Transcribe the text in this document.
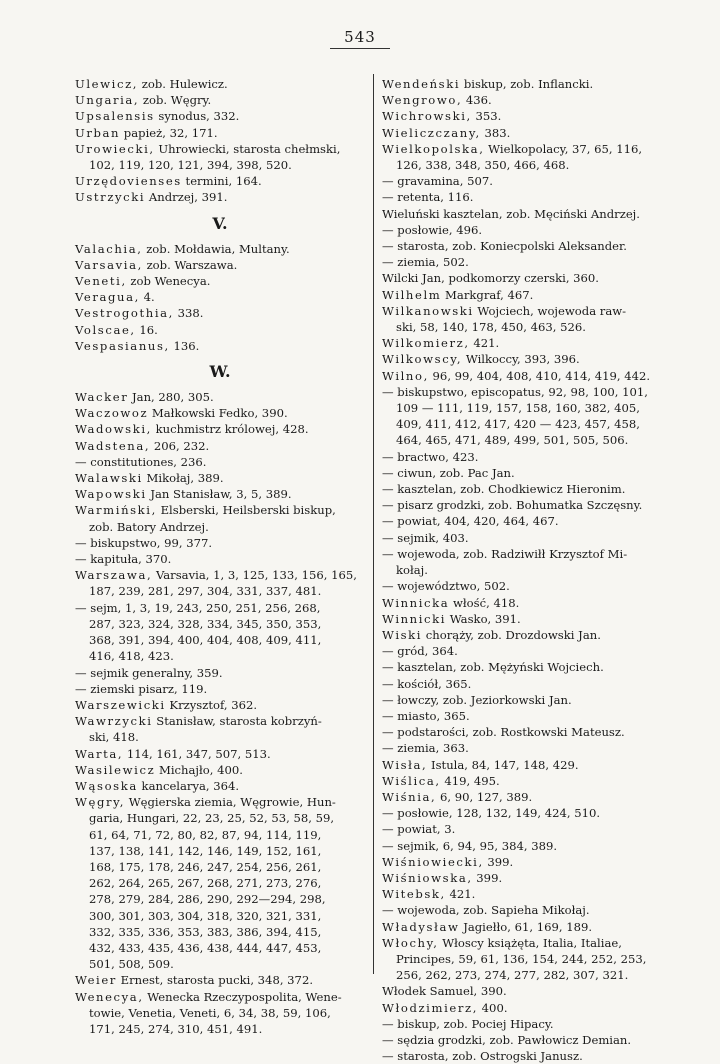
543
Ulewicz, zob. Hulewicz.
Ungaria, zob. Węgry.
Upsalensis synodus, 332.
Urban papież, 32, 171.
Urowiecki, Uhrowiecki, starosta chełmski,
102, 119, 120, 121, 394, 398, 520.
Urzędovienses termini, 164.
Ustrzycki Andrzej, 391.
V.
Valachia, zob. Mołdawia, Multany.
Varsavia, zob. Warszawa.
Veneti, zob Wenecya.
Veragua, 4.
Vestrogothia, 338.
Volscae, 16.
Vespasianus, 136.
W.
Wacker Jan, 280, 305.
Waczowoz Małkowski Fedko, 390.
Wadowski, kuchmistrz królowej, 428.
Wadstena, 206, 232.
— constitutiones, 236.
Walawski Mikołaj, 389.
Wapowski Jan Stanisław, 3, 5, 389.
Warmiński, Elsberski, Heilsberski biskup,
zob. Batory Andrzej.
— biskupstwo, 99, 377.
— kapituła, 370.
Warszawa, Varsavia, 1, 3, 125, 133, 156, 165,
187, 239, 281, 297, 304, 331, 337, 481.
— sejm, 1, 3, 19, 243, 250, 251, 256, 268,
287, 323, 324, 328, 334, 345, 350, 353,
368, 391, 394, 400, 404, 408, 409, 411,
416, 418, 423.
— sejmik generalny, 359.
— ziemski pisarz, 119.
Warszewicki Krzysztof, 362.
Wawrzycki Stanisław, starosta kobrzyń-
ski, 418.
Warta, 114, 161, 347, 507, 513.
Wasilewicz Michajło, 400.
Wąsoska kancelarya, 364.
Węgry, Węgierska ziemia, Węgrowie, Hun-
garia, Hungari, 22, 23, 25, 52, 53, 58, 59,
61, 64, 71, 72, 80, 82, 87, 94, 114, 119,
137, 138, 141, 142, 146, 149, 152, 161,
168, 175, 178, 246, 247, 254, 256, 261,
262, 264, 265, 267, 268, 271, 273, 276,
278, 279, 284, 286, 290, 292—294, 298,
300, 301, 303, 304, 318, 320, 321, 331,
332, 335, 336, 353, 383, 386, 394, 415,
432, 433, 435, 436, 438, 444, 447, 453,
501, 508, 509.
Weier Ernest, starosta pucki, 348, 372.
Wenecya, Wenecka Rzeczypospolita, Wene-
towie, Venetia, Veneti, 6, 34, 38, 59, 106,
171, 245, 274, 310, 451, 491.
Wendeński biskup, zob. Inflancki.
Wengrowo, 436.
Wichrowski, 353.
Wieliczczany, 383.
Wielkopolska, Wielkopolacy, 37, 65, 116,
126, 338, 348, 350, 466, 468.
— gravamina, 507.
— retenta, 116.
Wieluński kasztelan, zob. Męciński Andrzej.
— posłowie, 496.
— starosta, zob. Koniecpolski Aleksander.
— ziemia, 502.
Wilcki Jan, podkomorzy czerski, 360.
Wilhelm Markgraf, 467.
Wilkanowski Wojciech, wojewoda raw-
ski, 58, 140, 178, 450, 463, 526.
Wilkomierz, 421.
Wilkowscy, Wilkoccy, 393, 396.
Wilno, 96, 99, 404, 408, 410, 414, 419, 442.
— biskupstwo, episcopatus, 92, 98, 100, 101,
109 — 111, 119, 157, 158, 160, 382, 405,
409, 411, 412, 417, 420 — 423, 457, 458,
464, 465, 471, 489, 499, 501, 505, 506.
— bractwo, 423.
— ciwun, zob. Pac Jan.
— kasztelan, zob. Chodkiewicz Hieronim.
— pisarz grodzki, zob. Bohumatka Szczęsny.
— powiat, 404, 420, 464, 467.
— sejmik, 403.
— wojewoda, zob. Radziwiłł Krzysztof Mi-
kołaj.
— województwo, 502.
Winnicka włość, 418.
Winnicki Wasko, 391.
Wiski chorąży, zob. Drozdowski Jan.
— gród, 364.
— kasztelan, zob. Mężyński Wojciech.
— kościół, 365.
— łowczy, zob. Jeziorkowski Jan.
— miasto, 365.
— podstarości, zob. Rostkowski Mateusz.
— ziemia, 363.
Wisła, Istula, 84, 147, 148, 429.
Wiślica, 419, 495.
Wiśnia, 6, 90, 127, 389.
— posłowie, 128, 132, 149, 424, 510.
— powiat, 3.
— sejmik, 6, 94, 95, 384, 389.
Wiśniowiecki, 399.
Wiśniowska, 399.
Witebsk, 421.
— wojewoda, zob. Sapieha Mikołaj.
Władysław Jagiełło, 61, 169, 189.
Włochy, Włoscy książęta, Italia, Italiae,
Principes, 59, 61, 136, 154, 244, 252, 253,
256, 262, 273, 274, 277, 282, 307, 321.
Włodek Samuel, 390.
Włodzimierz, 400.
— biskup, zob. Pociej Hipacy.
— sędzia grodzki, zob. Pawłowicz Demian.
— starosta, zob. Ostrogski Janusz.
